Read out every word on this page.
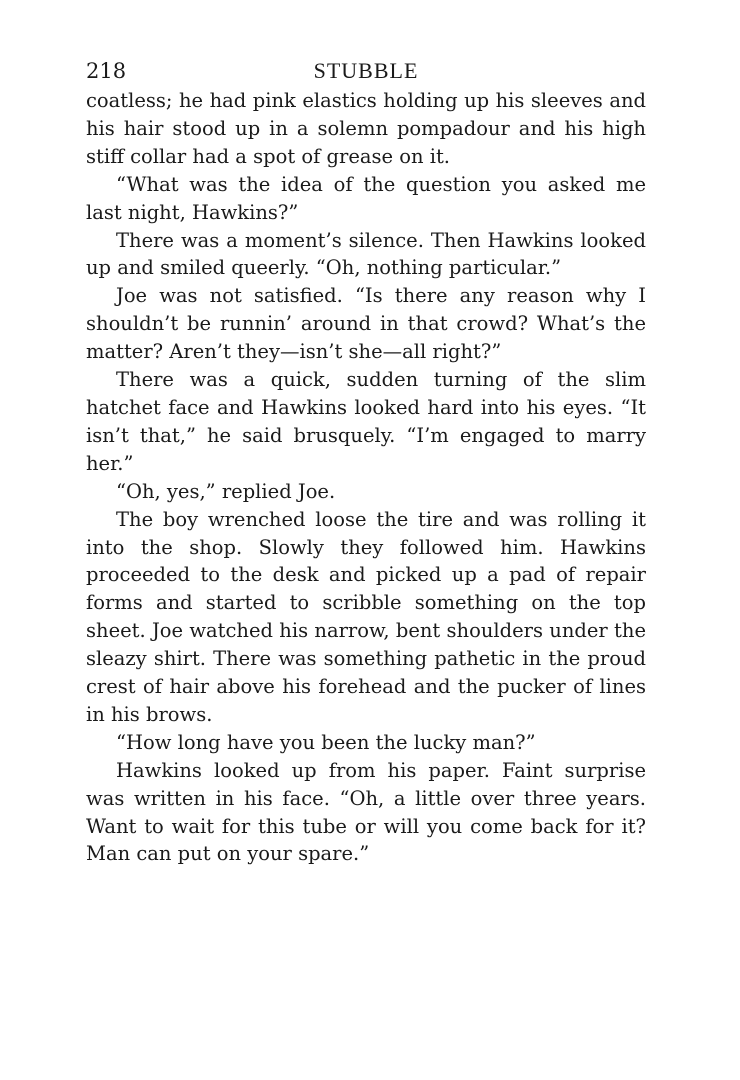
218	STUBBLE

coatless; he had pink elastics holding up his sleeves and his hair stood up in a solemn pompadour and his high stiff collar had a spot of grease on it.

“What was the idea of the question you asked me last night, Hawkins?”

There was a moment’s silence. Then Hawkins looked up and smiled queerly. “Oh, nothing particular.”

Joe was not satisfied. “Is there any reason why I shouldn’t be runnin’ around in that crowd? What’s the matter? Aren’t they—isn’t she—all right?”

There was a quick, sudden turning of the slim hatchet face and Hawkins looked hard into his eyes. “It isn’t that,” he said brusquely. “I’m engaged to marry her.”

“Oh, yes,” replied Joe.

The boy wrenched loose the tire and was rolling it into the shop. Slowly they followed him. Hawkins proceeded to the desk and picked up a pad of repair forms and started to scribble something on the top sheet. Joe watched his narrow, bent shoulders under the sleazy shirt. There was something pathetic in the proud crest of hair above his forehead and the pucker of lines in his brows.

“How long have you been the lucky man?”

Hawkins looked up from his paper. Faint surprise was written in his face. “Oh, a little over three years. Want to wait for this tube or will you come back for it? Man can put on your spare.”
